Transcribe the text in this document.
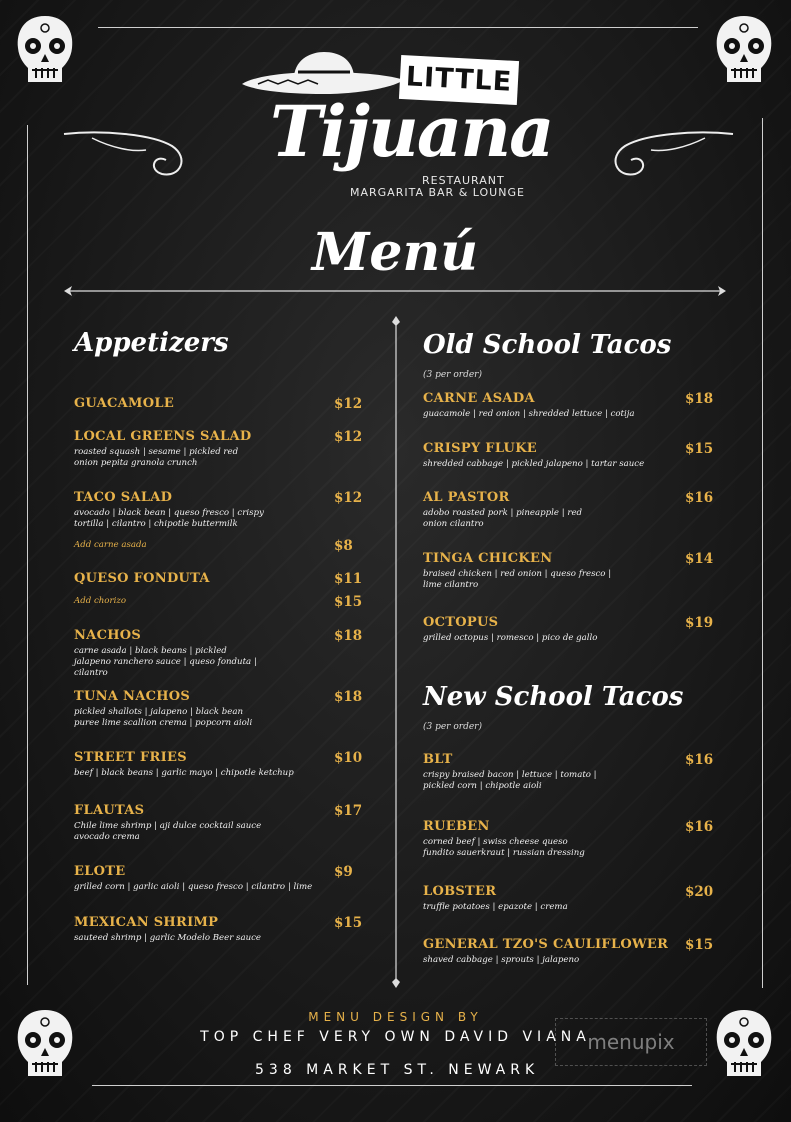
LITTLE
Tijuana
RESTAURANT
MARGARITA BAR & LOUNGE
Menú
Appetizers
GUACAMOLE	$12
LOCAL GREENS SALAD	$12
roasted squash | sesame | pickled red onion pepita granola crunch
TACO SALAD	$12
avocado | black bean | queso fresco | crispy tortilla | cilantro | chipotle buttermilk
Add carne asada	$8
QUESO FONDUTA	$11
Add chorizo	$15
NACHOS	$18
carne asada | black beans | pickled jalapeno ranchero sauce | queso fonduta | cilantro
TUNA NACHOS	$18
pickled shallots | jalapeno | black bean puree lime scallion crema | popcorn aioli
STREET FRIES	$10
beef | black beans | garlic mayo | chipotle ketchup
FLAUTAS	$17
Chile lime shrimp | aji dulce cocktail sauce avocado crema
ELOTE	$9
grilled corn | garlic aioli | queso fresco | cilantro | lime
MEXICAN SHRIMP	$15
sauteed shrimp | garlic Modelo Beer sauce
Old School Tacos
(3 per order)
CARNE ASADA	$18
guacamole | red onion | shredded lettuce | cotija
CRISPY FLUKE	$15
shredded cabbage | pickled jalapeno | tartar sauce
AL PASTOR	$16
adobo roasted pork | pineapple | red onion cilantro
TINGA CHICKEN	$14
braised chicken | red onion | queso fresco | lime cilantro
OCTOPUS	$19
grilled octopus | romesco | pico de gallo
New School Tacos
(3 per order)
BLT	$16
crispy braised bacon | lettuce | tomato | pickled corn | chipotle aioli
RUEBEN	$16
corned beef | swiss cheese queso fundito sauerkraut | russian dressing
LOBSTER	$20
truffle potatoes | epazote | crema
GENERAL TZO'S CAULIFLOWER $15
shaved cabbage | sprouts | jalapeno
MENU DESIGN BY
TOP CHEF VERY OWN DAVID VIANA
538 MARKET ST. NEWARK
menupix
